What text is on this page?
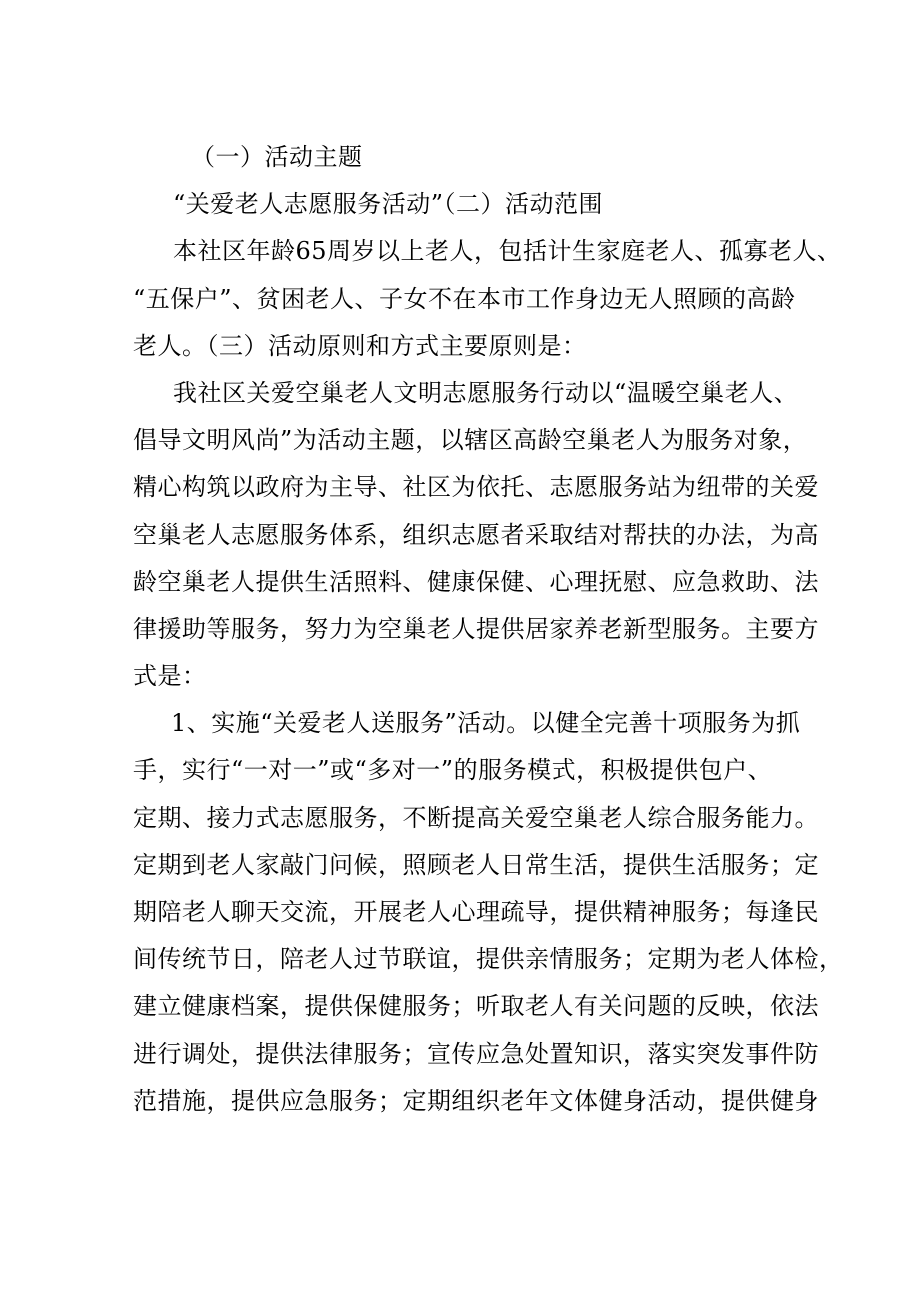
（一）活动主题
“关爱老人志愿服务活动”（二）活动范围
本社区年龄65周岁以上老人，包括计生家庭老人、孤寡老人、
“五保户”、贫困老人、子女不在本市工作身边无人照顾的高龄
老人。（三）活动原则和方式主要原则是：
我社区关爱空巢老人文明志愿服务行动以“温暖空巢老人、
倡导文明风尚”为活动主题，以辖区高龄空巢老人为服务对象，
精心构筑以政府为主导、社区为依托、志愿服务站为纽带的关爱
空巢老人志愿服务体系，组织志愿者采取结对帮扶的办法，为高
龄空巢老人提供生活照料、健康保健、心理抚慰、应急救助、法
律援助等服务，努力为空巢老人提供居家养老新型服务。主要方
式是：
1、实施“关爱老人送服务”活动。以健全完善十项服务为抓
手，实行“一对一”或“多对一”的服务模式，积极提供包户、
定期、接力式志愿服务，不断提高关爱空巢老人综合服务能力。
定期到老人家敲门问候，照顾老人日常生活，提供生活服务；定
期陪老人聊天交流，开展老人心理疏导，提供精神服务；每逢民
间传统节日，陪老人过节联谊，提供亲情服务；定期为老人体检，
建立健康档案，提供保健服务；听取老人有关问题的反映，依法
进行调处，提供法律服务；宣传应急处置知识，落实突发事件防
范措施，提供应急服务；定期组织老年文体健身活动，提供健身
